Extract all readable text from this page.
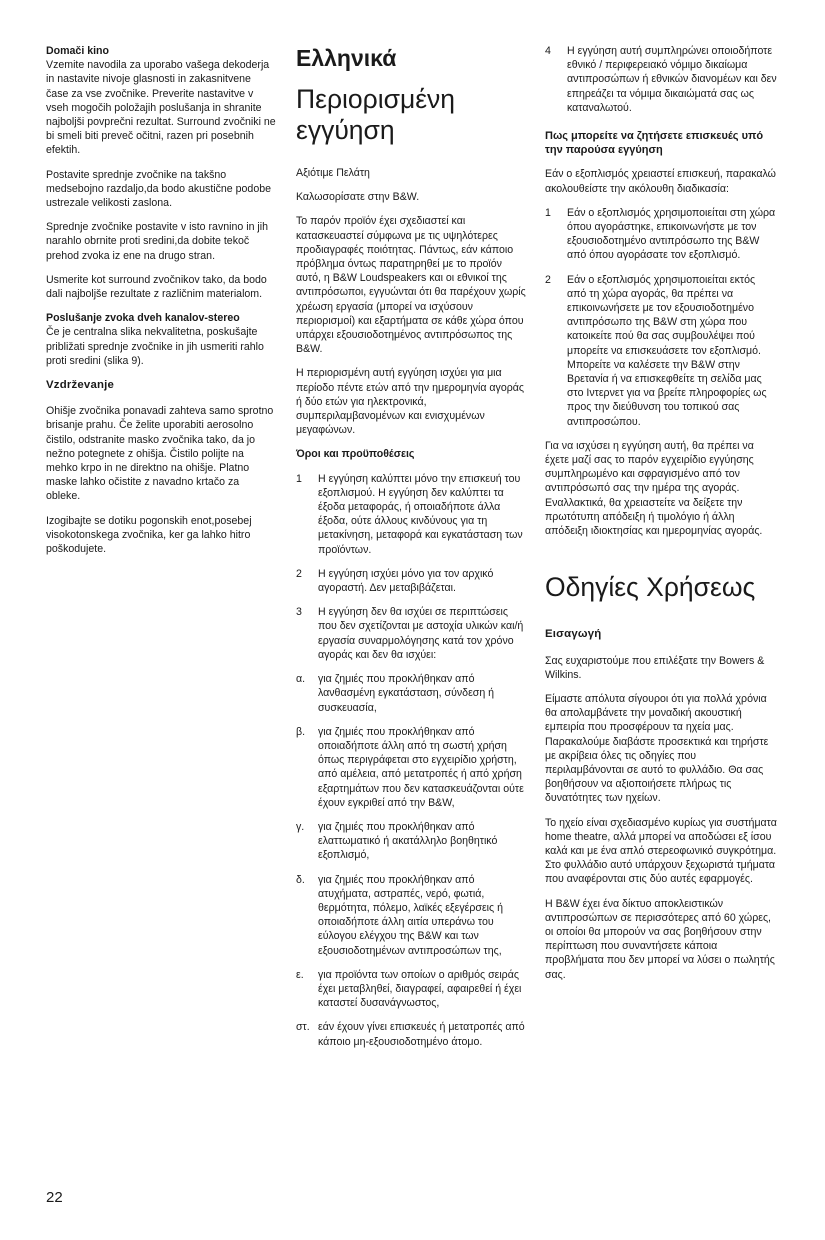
Domači kino
Vzemite navodila za uporabo vašega dekoderja in nastavite nivoje glasnosti in zakasnitvene čase za vse zvočnike. Preverite nastavitve v vseh mogočih položajih poslušanja in shranite najboljši povprečni rezultat. Surround zvočniki ne bi smeli biti preveč očitni, razen pri posebnih efektih.

Postavite sprednje zvočnike na takšno medsebojno razdaljo,da bodo akustične podobe ustrezale velikosti zaslona.

Sprednje zvočnike postavite v isto ravnino in jih narahlo obrnite proti sredini,da dobite tekoč prehod zvoka iz ene na drugo stran.

Usmerite kot surround zvočnikov tako, da bodo dali najboljše rezultate z različnim materialom.

Poslušanje zvoka dveh kanalov-stereo
Če je centralna slika nekvalitetna, poskušajte približati sprednje zvočnike in jih usmeriti rahlo proti sredini (slika 9).

Vzdrževanje

Ohišje zvočnika ponavadi zahteva samo sprotno brisanje prahu. Če želite uporabiti aerosolno čistilo, odstranite masko zvočnika tako, da jo nežno potegnete z ohišja. Čistilo polijte na mehko krpo in ne direktno na ohišje. Platno maske lahko očistite z navadno krtačo za obleke.

Izogibajte se dotiku pogonskih enot,posebej visokotonskega zvočnika, ker ga lahko hitro poškodujete.

Ελληνικά
Περιορισμένη εγγύηση

Αξιότιμε Πελάτη

Καλωσορίσατε στην B&W.

Το παρόν προϊόν έχει σχεδιαστεί και κατασκευαστεί σύμφωνα με τις υψηλότερες προδιαγραφές ποιότητας. Πάντως, εάν κάποιο πρόβλημα όντως παρατηρηθεί με το προϊόν αυτό, η B&W Loudspeakers και οι εθνικοί της αντιπρόσωποι, εγγυώνται ότι θα παρέχουν χωρίς χρέωση εργασία (μπορεί να ισχύσουν περιορισμοί) και εξαρτήματα σε κάθε χώρα όπου υπάρχει εξουσιοδοτημένος αντιπρόσωπος της B&W.

Η περιορισμένη αυτή εγγύηση ισχύει για μια περίοδο πέντε ετών από την ημερομηνία αγοράς ή δύο ετών για ηλεκτρονικά, συμπεριλαμβανομένων και ενισχυμένων μεγαφώνων.

Όροι και προϋποθέσεις

1	Η εγγύηση καλύπτει μόνο την επισκευή του εξοπλισμού. Η εγγύηση δεν καλύπτει τα έξοδα μεταφοράς, ή οποιαδήποτε άλλα έξοδα, ούτε άλλους κινδύνους για τη μετακίνηση, μεταφορά και εγκατάσταση των προϊόντων.
2	Η εγγύηση ισχύει μόνο για τον αρχικό αγοραστή. Δεν μεταβιβάζεται.
3	Η εγγύηση δεν θα ισχύει σε περιπτώσεις που δεν σχετίζονται με αστοχία υλικών και/ή εργασία συναρμολόγησης κατά τον χρόνο αγοράς και δεν θα ισχύει:
α.	για ζημιές που προκλήθηκαν από λανθασμένη εγκατάσταση, σύνδεση ή συσκευασία,
β.	για ζημιές που προκλήθηκαν από οποιαδήποτε άλλη από τη σωστή χρήση όπως περιγράφεται στο εγχειρίδιο χρήστη, από αμέλεια, από μετατροπές ή από χρήση εξαρτημάτων που δεν κατασκευάζονται ούτε έχουν εγκριθεί από την B&W,
γ.	για ζημιές που προκλήθηκαν από ελαττωματικό ή ακατάλληλο βοηθητικό εξοπλισμό,
δ.	για ζημιές που προκλήθηκαν από ατυχήματα, αστραπές, νερό, φωτιά, θερμότητα, πόλεμο, λαϊκές εξεγέρσεις ή οποιαδήποτε άλλη αιτία υπεράνω του εύλογου ελέγχου της B&W και των εξουσιοδοτημένων αντιπροσώπων της,
ε.	για προϊόντα των οποίων ο αριθμός σειράς έχει μεταβληθεί, διαγραφεί, αφαιρεθεί ή έχει καταστεί δυσανάγνωστος,
στ. εάν έχουν γίνει επισκευές ή μετατροπές από κάποιο μη-εξουσιοδοτημένο άτομο.
4	Η εγγύηση αυτή συμπληρώνει οποιοδήποτε εθνικό / περιφερειακό νόμιμο δικαίωμα αντιπροσώπων ή εθνικών διανομέων και δεν επηρεάζει τα νόμιμα δικαιώματά σας ως καταναλωτού.

Πως μπορείτε να ζητήσετε επισκευές υπό την παρούσα εγγύηση

Εάν ο εξοπλισμός χρειαστεί επισκευή, παρακαλώ ακολουθείστε την ακόλουθη διαδικασία:

1	Εάν ο εξοπλισμός χρησιμοποιείται στη χώρα όπου αγοράστηκε, επικοινωνήστε με τον εξουσιοδοτημένο αντιπρόσωπο της B&W από όπου αγοράσατε τον εξοπλισμό.
2	Εάν ο εξοπλισμός χρησιμοποιείται εκτός από τη χώρα αγοράς, θα πρέπει να επικοινωνήσετε με τον εξουσιοδοτημένο αντιπρόσωπο της B&W στη χώρα που κατοικείτε πού θα σας συμβουλέψει πού μπορείτε να επισκευάσετε τον εξοπλισμό. Μπορείτε να καλέσετε την B&W στην Βρετανία ή να επισκεφθείτε τη σελίδα μας στο Ιντερνετ για να βρείτε πληροφορίες ως προς την διεύθυνση του τοπικού σας αντιπροσώπου.

Για να ισχύσει η εγγύηση αυτή, θα πρέπει να έχετε μαζί σας το παρόν εγχειρίδιο εγγύησης συμπληρωμένο και σφραγισμένο από τον αντιπρόσωπό σας την ημέρα της αγοράς. Εναλλακτικά, θα χρειαστείτε να δείξετε την πρωτότυπη απόδειξη ή τιμολόγιο ή άλλη απόδειξη ιδιοκτησίας και ημερομηνίας αγοράς.

Οδηγίες Χρήσεως
Εισαγωγή

Σας ευχαριστούμε που επιλέξατε την Bowers & Wilkins.

Είμαστε απόλυτα σίγουροι ότι για πολλά χρόνια θα απολαμβάνετε την μοναδική ακουστική εμπειρία που προσφέρουν τα ηχεία μας. Παρακαλούμε διαβάστε προσεκτικά και τηρήστε με ακρίβεια όλες τις οδηγίες που περιλαμβάνονται σε αυτό το φυλλάδιο. Θα σας βοηθήσουν να αξιοποιήσετε πλήρως τις δυνατότητες των ηχείων.

Το ηχείο είναι σχεδιασμένο κυρίως για συστήματα home theatre, αλλά μπορεί να αποδώσει εξ ίσου καλά και με ένα απλό στερεοφωνικό συγκρότημα. Στο φυλλάδιο αυτό υπάρχουν ξεχωριστά τμήματα που αναφέρονται στις δύο αυτές εφαρμογές.

Η B&W έχει ένα δίκτυο αποκλειστικών αντιπροσώπων σε περισσότερες από 60 χώρες, οι οποίοι θα μπορούν να σας βοηθήσουν στην περίπτωση που συναντήσετε κάποια προβλήματα που δεν μπορεί να λύσει ο πωλητής σας.

22
